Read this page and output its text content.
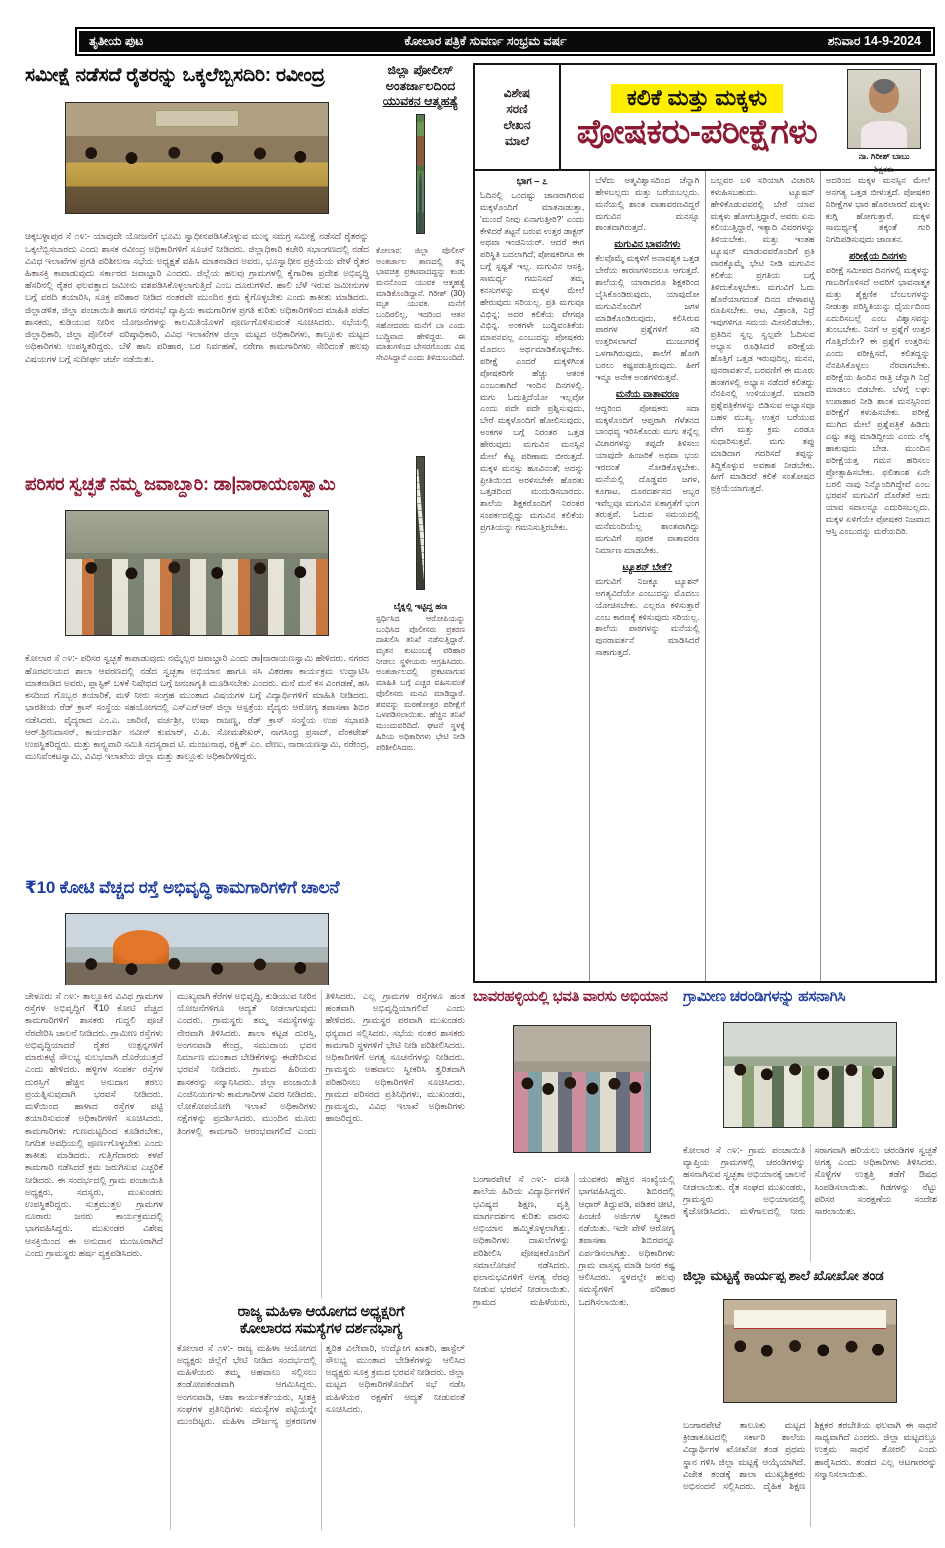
ತೃತೀಯ ಪುಟ	ಕೋಲಾರ ಪತ್ರಿಕೆ ಸುವರ್ಣ ಸಂಭ್ರಮ ವರ್ಷ	ಶನಿವಾರ 14-9-2024
ಸಮೀಕ್ಷೆ ನಡೆಸದೆ ರೈತರನ್ನು ಒಕ್ಕಲೆಬ್ಬಿಸದಿರಿ: ರವೀಂದ್ರ
ಚಿಕ್ಕಬಳ್ಳಾಪುರ ಸೆ ೧೪:- ಯಾವುದೇ ಯೋಜನೆಗೆ ಭೂಮಿ ಸ್ವಾಧೀನಪಡಿಸಿಕೊಳ್ಳುವ ಮುನ್ನ ಸಮಗ್ರ ಸಮೀಕ್ಷೆ ನಡೆಸದೆ ರೈತರನ್ನು ಒಕ್ಕಲೆಬ್ಬಿಸಬಾರದು ಎಂದು ಶಾಸಕ ರವೀಂದ್ರ ಅಧಿಕಾರಿಗಳಿಗೆ ಸೂಚನೆ ನೀಡಿದರು. ಜಿಲ್ಲಾಧಿಕಾರಿ ಕಚೇರಿ ಸಭಾಂಗಣದಲ್ಲಿ ನಡೆದ ವಿವಿಧ ಇಲಾಖೆಗಳ ಪ್ರಗತಿ ಪರಿಶೀಲನಾ ಸಭೆಯ ಅಧ್ಯಕ್ಷತೆ ವಹಿಸಿ ಮಾತನಾಡಿದ ಅವರು, ಭೂಸ್ವಾಧೀನ ಪ್ರಕ್ರಿಯೆಯ ವೇಳೆ ರೈತರ ಹಿತಾಸಕ್ತಿ ಕಾಪಾಡುವುದು ಸರ್ಕಾರದ ಜವಾಬ್ದಾರಿ ಎಂದರು. ಜಿಲ್ಲೆಯ ಹಲವು ಗ್ರಾಮಗಳಲ್ಲಿ ಕೈಗಾರಿಕಾ ಪ್ರದೇಶ ಅಭಿವೃದ್ಧಿ ಹೆಸರಿನಲ್ಲಿ ರೈತರ ಫಲವತ್ತಾದ ಜಮೀನು ವಶಪಡಿಸಿಕೊಳ್ಳಲಾಗುತ್ತಿದೆ ಎಂಬ ದೂರುಗಳಿವೆ. ಹಾಲಿ ಬೆಳೆ ಇರುವ ಜಮೀನುಗಳ ಬಗ್ಗೆ ವರದಿ ತಯಾರಿಸಿ, ಸೂಕ್ತ ಪರಿಹಾರ ನೀಡಿದ ನಂತರವೇ ಮುಂದಿನ ಕ್ರಮ ಕೈಗೊಳ್ಳಬೇಕು ಎಂದು ತಾಕೀತು ಮಾಡಿದರು. ಜಿಲ್ಲಾಡಳಿತ, ಜಿಲ್ಲಾ ಪಂಚಾಯಿತಿ ಹಾಗೂ ನಗರಸಭೆ ವ್ಯಾಪ್ತಿಯ ಕಾಮಗಾರಿಗಳ ಪ್ರಗತಿ ಕುರಿತು ಅಧಿಕಾರಿಗಳಿಂದ ಮಾಹಿತಿ ಪಡೆದ ಶಾಸಕರು, ಕುಡಿಯುವ ನೀರಿನ ಯೋಜನೆಗಳನ್ನು ಕಾಲಮಿತಿಯೊಳಗೆ ಪೂರ್ಣಗೊಳಿಸುವಂತೆ ಸೂಚಿಸಿದರು. ಸಭೆಯಲ್ಲಿ ಜಿಲ್ಲಾಧಿಕಾರಿ, ಜಿಲ್ಲಾ ಪೊಲೀಸ್ ವರಿಷ್ಠಾಧಿಕಾರಿ, ವಿವಿಧ ಇಲಾಖೆಗಳ ಜಿಲ್ಲಾ ಮಟ್ಟದ ಅಧಿಕಾರಿಗಳು, ತಾಲ್ಲೂಕು ಮಟ್ಟದ ಅಧಿಕಾರಿಗಳು ಉಪಸ್ಥಿತರಿದ್ದರು. ಬೆಳೆ ಹಾನಿ ಪರಿಹಾರ, ಬರ ನಿರ್ವಹಣೆ, ನರೇಗಾ ಕಾಮಗಾರಿಗಳು ಸೇರಿದಂತೆ ಹಲವು ವಿಷಯಗಳ ಬಗ್ಗೆ ಸುದೀರ್ಘ ಚರ್ಚೆ ನಡೆಯಿತು.
ಪರಿಸರ ಸ್ವಚ್ಛತೆ ನಮ್ಮ ಜವಾಬ್ದಾರಿ: ಡಾ|ನಾರಾಯಣಸ್ವಾಮಿ
ಕೋಲಾರ ಸೆ ೧೪:- ಪರಿಸರ ಸ್ವಚ್ಛತೆ ಕಾಪಾಡುವುದು ನಮ್ಮೆಲ್ಲರ ಜವಾಬ್ದಾರಿ ಎಂದು ಡಾ|ನಾರಾಯಣಸ್ವಾಮಿ ಹೇಳಿದರು. ನಗರದ ಹೊರವಲಯದ ಶಾಲಾ ಆವರಣದಲ್ಲಿ ನಡೆದ ಸ್ವಚ್ಛತಾ ಅಭಿಯಾನ ಹಾಗೂ ಸಸಿ ವಿತರಣಾ ಕಾರ್ಯಕ್ರಮ ಉದ್ಘಾಟಿಸಿ ಮಾತನಾಡಿದ ಅವರು, ಪ್ಲಾಸ್ಟಿಕ್ ಬಳಕೆ ನಿಷೇಧದ ಬಗ್ಗೆ ಜನಜಾಗೃತಿ ಮೂಡಿಸಬೇಕು ಎಂದರು. ಮನೆ ಮನೆ ಕಸ ವಿಂಗಡಣೆ, ಹಸಿ ಕಸದಿಂದ ಗೊಬ್ಬರ ತಯಾರಿಕೆ, ಮಳೆ ನೀರು ಸಂಗ್ರಹ ಮುಂತಾದ ವಿಷಯಗಳ ಬಗ್ಗೆ ವಿದ್ಯಾರ್ಥಿಗಳಿಗೆ ಮಾಹಿತಿ ನೀಡಿದರು. ಭಾರತೀಯ ರೆಡ್ ಕ್ರಾಸ್ ಸಂಸ್ಥೆಯ ಸಹಯೋಗದಲ್ಲಿ ಎಸ್ಎನ್ಆರ್ ಜಿಲ್ಲಾ ಆಸ್ಪತ್ರೆಯ ವೈದ್ಯರು ಆರೋಗ್ಯ ತಪಾಸಣಾ ಶಿಬಿರ ನಡೆಸಿದರು. ವೈದ್ಯರಾದ ಎಂ.ಎ. ಚಾರಿಣಿ, ವರ್ಚಶ್ರೀ, ಉಷಾ ರಾಜಣ್ಣ, ರೆಡ್ ಕ್ರಾಸ್ ಸಂಸ್ಥೆಯ ಉಪ ಸಭಾಪತಿ ಆರ್.ಶ್ರೀನಿವಾಸನ್, ಕಾರ್ಯದರ್ಶಿ ನವೀನ್ ಕುಮಾರ್, ವಿ.ಪಿ. ಸೋಮಶೇಖರ್, ನಾಗಸಿಂಧ್ರ ಪ್ರಸಾದ್, ವೆಂಕಟೇಶ್ ಉಪಸ್ಥಿತರಿದ್ದರು. ಮತ್ತು ಕಾನ್ಸ್ಟವಾರಿ ಸಮಿತಿ ಸದಸ್ಯರಾದ ಟಿ. ಮಂಜುನಾಥ, ರಕ್ಷಿತ್ ಎಂ. ವೇಣು, ನಾರಾಯಣಸ್ವಾಮಿ, ನರೇಂದ್ರ, ಮುನಿವೆಂಕಟಸ್ವಾಮಿ, ವಿವಿಧ ಇಲಾಖೆಯ ಜಿಲ್ಲಾ ಮತ್ತು ತಾಲ್ಲೂಕು ಅಧಿಕಾರಿಗಳಿದ್ದರು.
₹10 ಕೋಟಿ ವೆಚ್ಚದ ರಸ್ತೆ ಅಭಿವೃದ್ಧಿ ಕಾಮಗಾರಿಗಳಿಗೆ ಚಾಲನೆ
ಜಿಲ್ಲಾ ಪೋಲೀಸ್
ಅಂತರ್ಜಾಲದಿಂದ
ಯುವಕನ ಆತ್ಮಹತ್ಯೆ
ಕೋಲಾರ: ಜಿಲ್ಲಾ ಪೊಲೀಸ್ ಅಂತರ್ಜಾಲ ತಾಣದಲ್ಲಿ ತನ್ನ ಭಾವಚಿತ್ರ ಪ್ರಕಟವಾದದ್ದನ್ನು ಕಂಡು ಮನನೊಂದ ಯುವಕ ಆತ್ಮಹತ್ಯೆ ಮಾಡಿಕೊಂಡಿದ್ದಾನೆ. ಗಿರೀಶ್ (30) ಮೃತ ಯುವಕ. ಮನೆಗೆ ಬಂದಿರಲಿಲ್ಲ, ಇದರಿಂದ ಆತನ ಸಹೋದರರು ಮನೆಗೆ ಬಾ ಎಂದು ಬುದ್ಧಿವಾದ ಹೇಳಿದ್ದರು. ಈ ಮಾತುಗಳಿಂದ ಬೇಸರಗೊಂಡು ವಿಷ ಸೇವಿಸಿದ್ದಾನೆ ಎಂದು ತಿಳಿದುಬಂದಿದೆ.
ಬೈಕ್ನಲ್ಲಿ ಇಟ್ಟಿದ್ದ ಹಣ
ಸ್ಪರ್ಧಿಸಿದ ಆರೋಪಿಯನ್ನು ಬಂಧಿಸಿದ ಪೊಲೀಸರು ಪ್ರಕರಣ ದಾಖಲಿಸಿ ತನಿಖೆ ನಡೆಸುತ್ತಿದ್ದಾರೆ. ಮೃತನ ಕುಟುಂಬಕ್ಕೆ ಪರಿಹಾರ ನೀಡಲು ಸ್ಥಳೀಯರು ಆಗ್ರಹಿಸಿದರು. ಅಂತರ್ಜಾಲದಲ್ಲಿ ಪ್ರಕಟವಾಗುವ ಮಾಹಿತಿ ಬಗ್ಗೆ ಎಚ್ಚರ ವಹಿಸುವಂತೆ ಪೊಲೀಸರು ಮನವಿ ಮಾಡಿದ್ದಾರೆ. ಶವವನ್ನು ಮರಣೋತ್ತರ ಪರೀಕ್ಷೆಗೆ ಒಳಪಡಿಸಲಾಯಿತು. ಹೆಚ್ಚಿನ ತನಿಖೆ ಮುಂದುವರಿದಿದೆ. ಘಟನೆ ಸ್ಥಳಕ್ಕೆ ಹಿರಿಯ ಅಧಿಕಾರಿಗಳು ಭೇಟಿ ನೀಡಿ ಪರಿಶೀಲಿಸಿದರು.
ಚೇಳೂರು ಸೆ ೧೪:- ತಾಲ್ಲೂಕಿನ ವಿವಿಧ ಗ್ರಾಮಗಳ ರಸ್ತೆಗಳ ಅಭಿವೃದ್ಧಿಗೆ ₹10 ಕೋಟಿ ವೆಚ್ಚದ ಕಾಮಗಾರಿಗಳಿಗೆ ಶಾಸಕರು ಗುದ್ದಲಿ ಪೂಜೆ ನೆರವೇರಿಸಿ ಚಾಲನೆ ನೀಡಿದರು. ಗ್ರಾಮೀಣ ರಸ್ತೆಗಳು ಅಭಿವೃದ್ಧಿಯಾದರೆ ರೈತರ ಉತ್ಪನ್ನಗಳಿಗೆ ಮಾರುಕಟ್ಟೆ ಸೌಲಭ್ಯ ಸುಲಭವಾಗಿ ದೊರೆಯುತ್ತದೆ ಎಂದು ಹೇಳಿದರು. ಹಳ್ಳಿಗಳ ಸಂಪರ್ಕ ರಸ್ತೆಗಳ ದುರಸ್ತಿಗೆ ಹೆಚ್ಚಿನ ಅನುದಾನ ತರಲು ಪ್ರಯತ್ನಿಸುವುದಾಗಿ ಭರವಸೆ ನೀಡಿದರು. ಮಳೆಯಿಂದ ಹಾಳಾದ ರಸ್ತೆಗಳ ಪಟ್ಟಿ ತಯಾರಿಸುವಂತೆ ಅಧಿಕಾರಿಗಳಿಗೆ ಸೂಚಿಸಿದರು. ಕಾಮಗಾರಿಗಳು ಗುಣಮಟ್ಟದಿಂದ ಕೂಡಿರಬೇಕು, ನಿಗದಿತ ಅವಧಿಯಲ್ಲಿ ಪೂರ್ಣಗೊಳ್ಳಬೇಕು ಎಂದು ತಾಕೀತು ಮಾಡಿದರು. ಗುತ್ತಿಗೆದಾರರು ಕಳಪೆ ಕಾಮಗಾರಿ ನಡೆಸಿದರೆ ಕ್ರಮ ಜರುಗಿಸುವ ಎಚ್ಚರಿಕೆ ನೀಡಿದರು. ಈ ಸಂದರ್ಭದಲ್ಲಿ ಗ್ರಾಮ ಪಂಚಾಯಿತಿ ಅಧ್ಯಕ್ಷರು, ಸದಸ್ಯರು, ಮುಖಂಡರು ಉಪಸ್ಥಿತರಿದ್ದರು. ಸುತ್ತಮುತ್ತಲ ಗ್ರಾಮಗಳ ನೂರಾರು ಜನರು ಕಾರ್ಯಕ್ರಮದಲ್ಲಿ ಭಾಗವಹಿಸಿದ್ದರು. ಮುಖಂಡರ ವಿಶೇಷ ಆಸಕ್ತಿಯಿಂದ ಈ ಅನುದಾನ ಮಂಜೂರಾಗಿದೆ ಎಂದು ಗ್ರಾಮಸ್ಥರು ಹರ್ಷ ವ್ಯಕ್ತಪಡಿಸಿದರು.
ಮುಖ್ಯವಾಗಿ ಕೆರೆಗಳ ಅಭಿವೃದ್ಧಿ, ಕುಡಿಯುವ ನೀರಿನ ಯೋಜನೆಗಳಿಗೂ ಆದ್ಯತೆ ನೀಡಲಾಗುವುದು ಎಂದರು. ಗ್ರಾಮಸ್ಥರು ತಮ್ಮ ಸಮಸ್ಯೆಗಳನ್ನು ನೇರವಾಗಿ ತಿಳಿಸಿದರು. ಶಾಲಾ ಕಟ್ಟಡ ದುರಸ್ತಿ, ಅಂಗನವಾಡಿ ಕೇಂದ್ರ, ಸಮುದಾಯ ಭವನ ನಿರ್ಮಾಣ ಮುಂತಾದ ಬೇಡಿಕೆಗಳನ್ನು ಈಡೇರಿಸುವ ಭರವಸೆ ನೀಡಿದರು. ಗ್ರಾಮದ ಹಿರಿಯರು ಶಾಸಕರನ್ನು ಸನ್ಮಾನಿಸಿದರು. ಜಿಲ್ಲಾ ಪಂಚಾಯಿತಿ ಎಂಜಿನಿಯರ್ಗಳು ಕಾಮಗಾರಿಗಳ ವಿವರ ನೀಡಿದರು. ಲೋಕೋಪಯೋಗಿ ಇಲಾಖೆ ಅಧಿಕಾರಿಗಳು ನಕ್ಷೆಗಳನ್ನು ಪ್ರದರ್ಶಿಸಿದರು. ಮುಂದಿನ ಮೂರು ತಿಂಗಳಲ್ಲಿ ಕಾಮಗಾರಿ ಆರಂಭವಾಗಲಿದೆ ಎಂದು ತಿಳಿಸಿದರು. ಎಲ್ಲ ಗ್ರಾಮಗಳ ರಸ್ತೆಗಳೂ ಹಂತ ಹಂತವಾಗಿ ಅಭಿವೃದ್ಧಿಯಾಗಲಿವೆ ಎಂದು ಹೇಳಿದರು. ಗ್ರಾಮಸ್ಥರ ಪರವಾಗಿ ಮುಖಂಡರು ಧನ್ಯವಾದ ಸಲ್ಲಿಸಿದರು. ಸಭೆಯ ನಂತರ ಶಾಸಕರು ಕಾಮಗಾರಿ ಸ್ಥಳಗಳಿಗೆ ಭೇಟಿ ನೀಡಿ ಪರಿಶೀಲಿಸಿದರು. ಅಧಿಕಾರಿಗಳಿಗೆ ಅಗತ್ಯ ಸೂಚನೆಗಳನ್ನು ನೀಡಿದರು. ಗ್ರಾಮಸ್ಥರು ಅಹವಾಲು ಸ್ವೀಕರಿಸಿ ತ್ವರಿತವಾಗಿ ಪರಿಹರಿಸಲು ಅಧಿಕಾರಿಗಳಿಗೆ ಸೂಚಿಸಿದರು. ಗ್ರಾಮದ ಪರಿಸರದ ಪ್ರತಿನಿಧಿಗಳು, ಮುಖಂಡರು, ಗ್ರಾಮಸ್ಥರು, ವಿವಿಧ ಇಲಾಖೆ ಅಧಿಕಾರಿಗಳು ಹಾಜರಿದ್ದರು.
ರಾಜ್ಯ ಮಹಿಳಾ ಆಯೋಗದ ಅಧ್ಯಕ್ಷರಿಗೆ
ಕೋಲಾರದ ಸಮಸ್ಯೆಗಳ ದರ್ಶನಭಾಗ್ಯ
ಕೋಲಾರ ಸೆ ೧೪:- ರಾಜ್ಯ ಮಹಿಳಾ ಆಯೋಗದ ಅಧ್ಯಕ್ಷರು ಜಿಲ್ಲೆಗೆ ಭೇಟಿ ನೀಡಿದ ಸಂದರ್ಭದಲ್ಲಿ ಮಹಿಳೆಯರು ತಮ್ಮ ಅಹವಾಲು ಸಲ್ಲಿಸಲು ತಂಡೋಪತಂಡವಾಗಿ ಆಗಮಿಸಿದ್ದರು. ಅಂಗನವಾಡಿ, ಆಶಾ ಕಾರ್ಯಕರ್ತೆಯರು, ಸ್ತ್ರೀಶಕ್ತಿ ಸಂಘಗಳ ಪ್ರತಿನಿಧಿಗಳು ಸಮಸ್ಯೆಗಳ ಪಟ್ಟಿಯನ್ನೇ ಮುಂದಿಟ್ಟರು. ಮಹಿಳಾ ದೌರ್ಜನ್ಯ ಪ್ರಕರಣಗಳ ತ್ವರಿತ ವಿಲೇವಾರಿ, ಉದ್ಯೋಗ ಖಾತರಿ, ಹಾಸ್ಟೆಲ್ ಸೌಲಭ್ಯ ಮುಂತಾದ ಬೇಡಿಕೆಗಳನ್ನು ಆಲಿಸಿದ ಅಧ್ಯಕ್ಷರು ಸೂಕ್ತ ಕ್ರಮದ ಭರವಸೆ ನೀಡಿದರು. ಜಿಲ್ಲಾ ಮಟ್ಟದ ಅಧಿಕಾರಿಗಳೊಂದಿಗೆ ಸಭೆ ನಡೆಸಿ ಮಹಿಳೆಯರ ರಕ್ಷಣೆಗೆ ಆದ್ಯತೆ ನೀಡುವಂತೆ ಸೂಚಿಸಿದರು.
ವಿಶೇಷ
ಸರಣಿ
ಲೇಖನ
ಮಾಲೆ
ಕಲಿಕೆ ಮತ್ತು ಮಕ್ಕಳು
ಪೋಷಕರು-ಪರೀಕ್ಷೆಗಳು
ನಾ. ಗಿರೀಶ್ ಬಾಬು
ಶಿಕ್ಷಕರು
ಭಾಗ – ೭
ಓದಿನಲ್ಲಿ ಒಂದಷ್ಟು ಜಾಣರಾಗಿರುವ ಮಕ್ಕಳೊಂದಿಗೆ ಮಾತನಾಡುತ್ತಾ, 'ಮುಂದೆ ನೀವು ಏನಾಗುತ್ತೀರಿ?' ಎಂದು ಕೇಳಿದರೆ ತಟ್ಟನೆ ಬರುವ ಉತ್ತರ ಡಾಕ್ಟರ್ ಅಥವಾ ಇಂಜಿನಿಯರ್. ಆದರೆ ಈಗ ಪರಿಸ್ಥಿತಿ ಬದಲಾಗಿದೆ; ಪೋಷಕರಿಗೂ ಈ ಬಗ್ಗೆ ಸ್ಪಷ್ಟತೆ ಇಲ್ಲ. ಮಗುವಿನ ಆಸಕ್ತಿ, ಸಾಮರ್ಥ್ಯ ಗಮನಿಸದೆ ತಮ್ಮ ಕನಸುಗಳನ್ನು ಮಕ್ಕಳ ಮೇಲೆ ಹೇರುವುದು ಸರಿಯಲ್ಲ. ಪ್ರತಿ ಮಗುವೂ ವಿಭಿನ್ನ; ಅದರ ಕಲಿಕೆಯ ವೇಗವೂ ವಿಭಿನ್ನ. ಅಂಕಗಳೇ ಬುದ್ಧಿವಂತಿಕೆಯ ಮಾಪನವಲ್ಲ ಎಂಬುದನ್ನು ಪೋಷಕರು ಮೊದಲು ಅರ್ಥಮಾಡಿಕೊಳ್ಳಬೇಕು. ಪರೀಕ್ಷೆ ಎಂದರೆ ಮಕ್ಕಳಿಗಿಂತ ಪೋಷಕರಿಗೇ ಹೆಚ್ಚು ಆತಂಕ ಎಂಬಂತಾಗಿದೆ ಇಂದಿನ ದಿನಗಳಲ್ಲಿ. ಮಗು ಓದುತ್ತಿದೆಯೋ ಇಲ್ಲವೋ ಎಂದು ಪದೇ ಪದೇ ಪ್ರಶ್ನಿಸುವುದು, ಬೇರೆ ಮಕ್ಕಳೊಂದಿಗೆ ಹೋಲಿಸುವುದು, ಅಂಕಗಳ ಬಗ್ಗೆ ನಿರಂತರ ಒತ್ತಡ ಹೇರುವುದು ಮಗುವಿನ ಮನಸ್ಸಿನ ಮೇಲೆ ಕೆಟ್ಟ ಪರಿಣಾಮ ಬೀರುತ್ತದೆ. ಮಕ್ಕಳ ಮನಸ್ಸು ಹೂವಿನಂತೆ; ಅದನ್ನು ಪ್ರೀತಿಯಿಂದ ಅರಳಿಸಬೇಕೇ ಹೊರತು ಒತ್ತಡದಿಂದ ಮುದುಡಿಸಬಾರದು. ಶಾಲೆಯ ಶಿಕ್ಷಕರೊಂದಿಗೆ ನಿರಂತರ ಸಂಪರ್ಕದಲ್ಲಿದ್ದು ಮಗುವಿನ ಕಲಿಕೆಯ ಪ್ರಗತಿಯನ್ನು ಗಮನಿಸುತ್ತಿರಬೇಕು.
ಬೆಳೆದು ಆತ್ಮವಿಶ್ವಾಸದಿಂದ ಚೆನ್ನಾಗಿ ಹೇಳಬಲ್ಲದು ಮತ್ತು ಬರೆಯಬಲ್ಲದು. ಮನೆಯಲ್ಲಿ ಶಾಂತ ವಾತಾವರಣವಿದ್ದರೆ ಮಗುವಿನ ಮನಸ್ಸೂ ಶಾಂತವಾಗಿರುತ್ತದೆ.
ಮಗುವಿನ ಭಾವನೆಗಳು
ಕೆಲವೊಮ್ಮೆ ಮಕ್ಕಳಿಗೆ ಅನಾವಶ್ಯಕ ಒತ್ತಡ ಬೇರೆಯ ಕಾರಣಗಳಿಂದಲೂ ಆಗುತ್ತದೆ. ಶಾಲೆಯಲ್ಲಿ ಯಾರಾದರೂ ಶಿಕ್ಷಕರಿಂದ ಬೈಸಿಕೊಂಡಿರುವುದು, ಯಾವುದೋ ಮಗುವಿನೊಂದಿಗೆ ಜಗಳ ಮಾಡಿಕೊಂಡಿರುವುದು, ಕಲಿಸಿರುವ ಪಾಠಗಳ ಪ್ರಶ್ನೆಗಳಿಗೆ ಸರಿ ಉತ್ತರಿಸಲಾಗದೆ ಮುಜುಗರಕ್ಕೆ ಒಳಗಾಗಿರುವುದು, ಶಾಲೆಗೆ ಹೋಗಿ ಬರಲು ಕಷ್ಟಪಡುತ್ತಿರುವುದು. ಹೀಗೆ ಇನ್ನೂ ಅನೇಕ ಅಂಶಗಳಿರುತ್ತವೆ.
ಮನೆಯ ವಾತಾವರಣ
ಆದ್ದರಿಂದ ಪೋಷಕರು ಸದಾ ಮಕ್ಕಳೊಂದಿಗೆ ಆಪ್ತರಾಗಿ ಗೆಳೆತನದ ಬಾಂಧವ್ಯ ಇರಿಸಿಕೊಂಡು ಮಗು ತನ್ನೆಲ್ಲ ವಿಚಾರಗಳನ್ನು ತಪ್ಪದೇ ತಿಳಿಸಲು ಯಾವುದೇ ಹಿಂಜರಿಕೆ ಅಥವಾ ಭಯ ಇರದಂತೆ ನೋಡಿಕೊಳ್ಳಬೇಕು. ಮನೆಯಲ್ಲಿ ದೊಡ್ಡವರ ಜಗಳ, ಕೂಗಾಟ, ದೂರದರ್ಶನದ ಅಬ್ಬರ ಇವೆಲ್ಲವೂ ಮಗುವಿನ ಏಕಾಗ್ರತೆಗೆ ಭಂಗ ತರುತ್ತವೆ. ಓದುವ ಸಮಯದಲ್ಲಿ ಮನೆಮಂದಿಯೆಲ್ಲ ಶಾಂತವಾಗಿದ್ದು ಮಗುವಿಗೆ ಪೂರಕ ವಾತಾವರಣ ನಿರ್ಮಾಣ ಮಾಡಬೇಕು.
ಟ್ಯೂಶನ್ ಬೇಕೆ?
ಮಗುವಿಗೆ ನಿಜಕ್ಕೂ ಟ್ಯೂಶನ್ ಅಗತ್ಯವಿದೆಯೇ ಎಂಬುದನ್ನು ಮೊದಲು ಯೋಚಿಸಬೇಕು. ಎಲ್ಲರೂ ಕಳಿಸುತ್ತಾರೆ ಎಂಬ ಕಾರಣಕ್ಕೆ ಕಳಿಸುವುದು ಸರಿಯಲ್ಲ. ಶಾಲೆಯ ಪಾಠಗಳನ್ನು ಮನೆಯಲ್ಲಿ ಪುನರಾವರ್ತನೆ ಮಾಡಿಸಿದರೆ ಸಾಕಾಗುತ್ತದೆ.
ಬಲ್ಲವರ ಬಳಿ ಸರಿಯಾಗಿ ವಿಚಾರಿಸಿ ಕಳುಹಿಸಬಹುದು. ಟ್ಯೂಷನ್ ಹೇಳಿಕೊಡುವವರಲ್ಲಿ ಬೇರೆ ಯಾವ ಮಕ್ಕಳು ಹೋಗುತ್ತಿದ್ದಾರೆ, ಅವರು ಏನು ಕಲಿಯುತ್ತಿದ್ದಾರೆ, ಇತ್ಯಾದಿ ವಿವರಗಳನ್ನು ತಿಳಿಯಬೇಕು. ಮತ್ತು ಇಂತಹ ಟ್ಯೂಷನ್ ಮಾಡುವವರೊಂದಿಗೆ ಪ್ರತಿ ವಾರಕ್ಕೊಮ್ಮೆ ಭೇಟಿ ನೀಡಿ ಮಗುವಿನ ಕಲಿಕೆಯ ಪ್ರಗತಿಯ ಬಗ್ಗೆ ತಿಳಿದುಕೊಳ್ಳಬೇಕು. ಮಗುವಿಗೆ ಓದು ಹೊರೆಯಾಗದಂತೆ ದಿನದ ವೇಳಾಪಟ್ಟಿ ರೂಪಿಸಬೇಕು. ಆಟ, ವಿಶ್ರಾಂತಿ, ನಿದ್ರೆ ಇವುಗಳಿಗೂ ಸಮಯ ಮೀಸಲಿಡಬೇಕು. ಪ್ರತಿದಿನ ಸ್ವಲ್ಪ ಸ್ವಲ್ಪವೇ ಓದಿಸುವ ಅಭ್ಯಾಸ ರೂಢಿಸಿದರೆ ಪರೀಕ್ಷೆಯ ಹೊತ್ತಿಗೆ ಒತ್ತಡ ಇರುವುದಿಲ್ಲ. ಮನನ, ಪುನರಾವರ್ತನೆ, ಬರವಣಿಗೆ ಈ ಮೂರು ಹಂತಗಳಲ್ಲಿ ಅಭ್ಯಾಸ ನಡೆದರೆ ಕಲಿತದ್ದು ನೆನಪಿನಲ್ಲಿ ಉಳಿಯುತ್ತದೆ. ಮಾದರಿ ಪ್ರಶ್ನೆಪತ್ರಿಕೆಗಳನ್ನು ಬಿಡಿಸುವ ಅಭ್ಯಾಸವೂ ಬಹಳ ಮುಖ್ಯ. ಉತ್ತರ ಬರೆಯುವ ವೇಗ ಮತ್ತು ಕ್ರಮ ಎರಡೂ ಸುಧಾರಿಸುತ್ತವೆ. ಮಗು ತಪ್ಪು ಮಾಡಿದಾಗ ಗದರಿಸದೆ ತಪ್ಪನ್ನು ತಿದ್ದಿಕೊಳ್ಳುವ ಅವಕಾಶ ನೀಡಬೇಕು. ಹೀಗೆ ಮಾಡಿದರೆ ಕಲಿಕೆ ಸಂತೋಷದ ಪ್ರಕ್ರಿಯೆಯಾಗುತ್ತದೆ.
ಅದರಿಂದ ಮಕ್ಕಳ ಮನಸ್ಸಿನ ಮೇಲೆ ಅನಗತ್ಯ ಒತ್ತಡ ಬೀಳುತ್ತದೆ. ಪೋಷಕರ ನಿರೀಕ್ಷೆಗಳ ಭಾರ ಹೊರಲಾರದೆ ಮಕ್ಕಳು ಕುಗ್ಗಿ ಹೋಗುತ್ತಾರೆ. ಮಕ್ಕಳ ಸಾಮರ್ಥ್ಯಕ್ಕೆ ತಕ್ಕಂತೆ ಗುರಿ ನಿಗದಿಪಡಿಸುವುದು ಜಾಣತನ.
ಪರೀಕ್ಷೆಯ ದಿನಗಳು
ಪರೀಕ್ಷೆ ಸಮೀಪದ ದಿನಗಳಲ್ಲಿ ಮಕ್ಕಳನ್ನು ಗಾಬರಿಗೊಳಿಸದೆ ಅವರಿಗೆ ಭಾವನಾತ್ಮಕ ಮತ್ತು ಶೈಕ್ಷಣಿಕ ಬೆಂಬಲಗಳನ್ನು ನೀಡುತ್ತಾ ಪರಿಸ್ಥಿತಿಯನ್ನು ಧೈರ್ಯದಿಂದ ಎದುರಿಸಬಲ್ಲೆ ಎಂಬ ವಿಶ್ವಾಸವನ್ನು ತುಂಬಬೇಕು. ನಿನಗೆ ಆ ಪ್ರಶ್ನೆಗೆ ಉತ್ತರ ಗೊತ್ತಿದೆಯೇ? ಈ ಪ್ರಶ್ನೆಗೆ ಉತ್ತರಿಸು ಎಂದು ಪರೀಕ್ಷಿಸದೆ, ಕಲಿತದ್ದನ್ನು ನೆನಪಿಸಿಕೊಳ್ಳಲು ನೆರವಾಗಬೇಕು. ಪರೀಕ್ಷೆಯ ಹಿಂದಿನ ರಾತ್ರಿ ಚೆನ್ನಾಗಿ ನಿದ್ರೆ ಮಾಡಲು ಬಿಡಬೇಕು. ಬೆಳಗ್ಗೆ ಲಘು ಉಪಾಹಾರ ನೀಡಿ ಶಾಂತ ಮನಸ್ಸಿನಿಂದ ಪರೀಕ್ಷೆಗೆ ಕಳುಹಿಸಬೇಕು. ಪರೀಕ್ಷೆ ಮುಗಿದ ಮೇಲೆ ಪ್ರಶ್ನೆಪತ್ರಿಕೆ ಹಿಡಿದು ಎಷ್ಟು ತಪ್ಪು ಮಾಡಿದ್ದೀಯ ಎಂದು ಲೆಕ್ಕ ಹಾಕುವುದು ಬೇಡ. ಮುಂದಿನ ಪರೀಕ್ಷೆಯತ್ತ ಗಮನ ಹರಿಸಲು ಪ್ರೋತ್ಸಾಹಿಸಬೇಕು. ಫಲಿತಾಂಶ ಏನೇ ಬರಲಿ ನಾವು ನಿನ್ನೊಂದಿಗಿದ್ದೇವೆ ಎಂಬ ಭರವಸೆ ಮಗುವಿಗೆ ದೊರೆತರೆ ಅದು ಯಾವ ಸವಾಲನ್ನೂ ಎದುರಿಸಬಲ್ಲದು. ಮಕ್ಕಳ ಏಳಿಗೆಯೇ ಪೋಷಕರ ನಿಜವಾದ ಆಸ್ತಿ ಎಂಬುದನ್ನು ಮರೆಯದಿರಿ.
ಬಾವರಹಳ್ಳಿಯಲ್ಲಿ ಭವತಿ ವಾರಸು ಅಭಿಯಾನ
ಬಂಗಾರಪೇಟೆ ಸೆ ೧೪:- ವಸತಿ ಶಾಲೆಯ ಹಿರಿಯ ವಿದ್ಯಾರ್ಥಿಗಳಿಗೆ ಭವಿಷ್ಯದ ಶಿಕ್ಷಣ, ವೃತ್ತಿ ಮಾರ್ಗದರ್ಶನ ಕುರಿತು ವಾರಸು ಅಭಿಯಾನ ಹಮ್ಮಿಕೊಳ್ಳಲಾಗಿತ್ತು. ಅಧಿಕಾರಿಗಳು ದಾಖಲೆಗಳನ್ನು ಪರಿಶೀಲಿಸಿ ಪೋಷಕರೊಂದಿಗೆ ಸಮಾಲೋಚನೆ ನಡೆಸಿದರು. ಫಲಾನುಭವಿಗಳಿಗೆ ಅಗತ್ಯ ನೆರವು ನೀಡುವ ಭರವಸೆ ನೀಡಲಾಯಿತು. ಗ್ರಾಮದ ಮಹಿಳೆಯರು, ಯುವಕರು ಹೆಚ್ಚಿನ ಸಂಖ್ಯೆಯಲ್ಲಿ ಭಾಗವಹಿಸಿದ್ದರು. ಶಿಬಿರದಲ್ಲಿ ಆಧಾರ್ ತಿದ್ದುಪಡಿ, ಪಡಿತರ ಚೀಟಿ, ಪಿಂಚಣಿ ಅರ್ಜಿಗಳ ಸ್ವೀಕಾರ ನಡೆಯಿತು. ಇದೇ ವೇಳೆ ಆರೋಗ್ಯ ತಪಾಸಣಾ ಶಿಬಿರವನ್ನೂ ಏರ್ಪಡಿಸಲಾಗಿತ್ತು. ಅಧಿಕಾರಿಗಳು ಗ್ರಾಮ ವಾಸ್ತವ್ಯ ಮಾಡಿ ಜನರ ಕಷ್ಟ ಆಲಿಸಿದರು. ಸ್ಥಳದಲ್ಲೇ ಹಲವು ಸಮಸ್ಯೆಗಳಿಗೆ ಪರಿಹಾರ ಒದಗಿಸಲಾಯಿತು.
ಗ್ರಾಮೀಣ ಚರಂಡಿಗಳನ್ನು ಹಸನಾಗಿಸಿ
ಕೋಲಾರ ಸೆ ೧೪:- ಗ್ರಾಮ ಪಂಚಾಯಿತಿ ವ್ಯಾಪ್ತಿಯ ಗ್ರಾಮಗಳಲ್ಲಿ ಚರಂಡಿಗಳನ್ನು ಹಸನಾಗಿಸುವ ಸ್ವಚ್ಛತಾ ಅಭಿಯಾನಕ್ಕೆ ಚಾಲನೆ ನೀಡಲಾಯಿತು. ರೈತ ಸಂಘದ ಮುಖಂಡರು, ಗ್ರಾಮಸ್ಥರು ಅಭಿಯಾನದಲ್ಲಿ ಕೈಜೋಡಿಸಿದರು. ಮಳೆಗಾಲದಲ್ಲಿ ನೀರು ಸರಾಗವಾಗಿ ಹರಿಯಲು ಚರಂಡಿಗಳ ಸ್ವಚ್ಛತೆ ಅಗತ್ಯ ಎಂದು ಅಧಿಕಾರಿಗಳು ತಿಳಿಸಿದರು. ಸೊಳ್ಳೆಗಳ ಉತ್ಪತ್ತಿ ತಡೆಗೆ ಔಷಧ ಸಿಂಪಡಿಸಲಾಯಿತು. ಗಿಡಗಳನ್ನು ನೆಟ್ಟು ಪರಿಸರ ಸಂರಕ್ಷಣೆಯ ಸಂದೇಶ ಸಾರಲಾಯಿತು.
ಜಿಲ್ಲಾ ಮಟ್ಟಕ್ಕೆ ಕಾರ್ಯಪ್ಪ ಶಾಲೆ ಖೋಖೋ ತಂಡ
ಬಂಗಾರಪೇಟೆ ತಾಲೂಕು ಮಟ್ಟದ ಕ್ರೀಡಾಕೂಟದಲ್ಲಿ ಸರ್ಕಾರಿ ಶಾಲೆಯ ವಿದ್ಯಾರ್ಥಿಗಳ ಖೋಖೋ ತಂಡ ಪ್ರಥಮ ಸ್ಥಾನ ಗಳಿಸಿ ಜಿಲ್ಲಾ ಮಟ್ಟಕ್ಕೆ ಆಯ್ಕೆಯಾಗಿದೆ. ವಿಜೇತ ತಂಡಕ್ಕೆ ಶಾಲಾ ಮುಖ್ಯಶಿಕ್ಷಕರು ಅಭಿನಂದನೆ ಸಲ್ಲಿಸಿದರು. ದೈಹಿಕ ಶಿಕ್ಷಣ ಶಿಕ್ಷಕರ ತರಬೇತಿಯ ಫಲವಾಗಿ ಈ ಸಾಧನೆ ಸಾಧ್ಯವಾಗಿದೆ ಎಂದರು. ಜಿಲ್ಲಾ ಮಟ್ಟದಲ್ಲೂ ಉತ್ತಮ ಸಾಧನೆ ತೋರಲಿ ಎಂದು ಹಾರೈಸಿದರು. ತಂಡದ ಎಲ್ಲ ಆಟಗಾರರನ್ನು ಸನ್ಮಾನಿಸಲಾಯಿತು.
